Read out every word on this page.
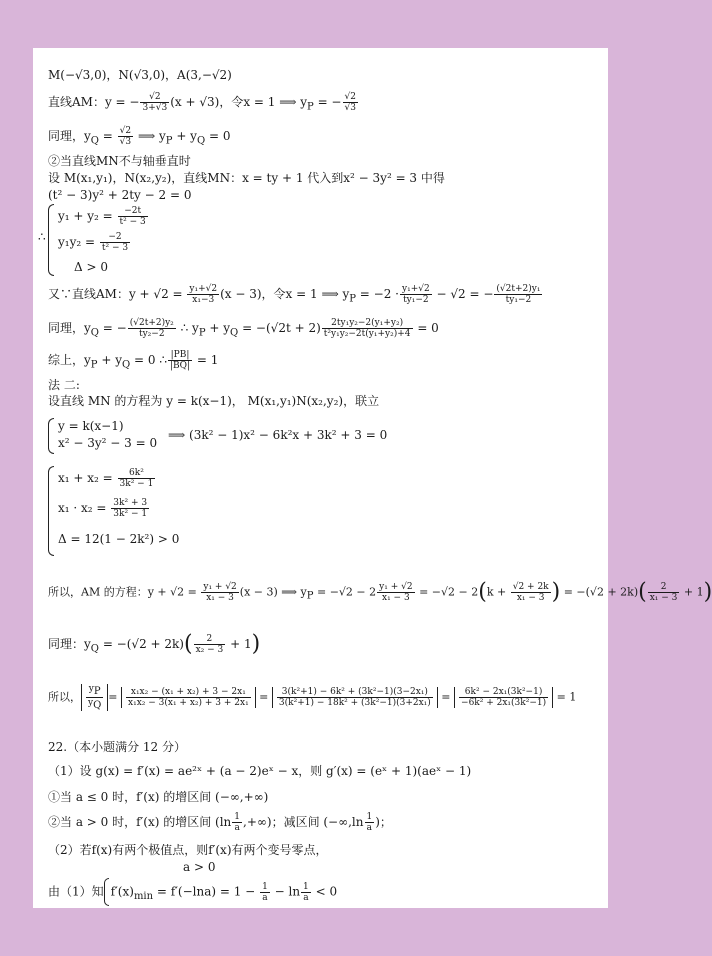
M(−√3,0)，N(√3,0)，A(3,−√2)
直线AM：y = − $\frac{√2}{3+√3} (x + √3)$，令x = 1 ⟹ $y_P$ = − $\frac{√2}{√3}$
同理，$y_Q = \frac{√2}{√3}$ ⟹ $y_P + y_Q = 0$
②当直线MN不与轴垂直时
设 M(x₁,y₁)，N(x₂,y₂)，直线MN：x = ty + 1 代入到x² − 3y² = 3 中得
(t² − 3)y² + 2ty − 2 = 0
$y_1 + y_2 = \frac{-2t}{\text{t² − 3}}$
$y_1y_2 = \frac{-2}{\text{t² − 3}}$
Δ > 0
∴
又∵直线AM：$y + √2 = \frac{\text{y₁+√2}}{\text{x₁−3}} (x - 3)$，令x = 1 ⟹ $y_P = -2 \cdot \frac{\text{y₁+√2}}{\text{ty₁−2}} - √2$ = − $\frac{\text{(√2t+2)y₁}}{\text{ty₁−2}}$
同理，$y_Q$ = − $\frac{\text{(√2t+2)y₂}}{\text{ty₂−2}}$ ∴ $y_P + y_Q = -(√2t + 2) \frac{\text{2ty₁y₂−2(y₁+y₂)}}{\text{t²y₁y₂−2t(y₁+y₂)+4}} = 0$
综上，$y_P + y_Q = 0$ ∴ $\frac{|PB|}{|BQ|} = 1$
法 二:
设直线 MN 的方程为 y = k(x−1)， M(x₁,y₁)N(x₂,y₂)，联立
y = k(x−1)
x² − 3y² − 3 = 0
⟹ (3k² − 1)x² − 6k²x + 3k² + 3 = 0
$x_1 + x_2 = \frac{\text{6k²}}{\text{3k² − 1}}$
$x_1 \cdot x_2 = \frac{\text{3k² + 3}}{\text{3k² − 1}}$
Δ = 12(1 − 2k²) > 0
所以，AM 的方程：$y + √2 = \frac{\text{y₁ + √2}}{\text{x₁ − 3}} (x - 3)$ ⟹ $y_P = -√2 - 2 \frac{\text{y₁ + √2}}{\text{x₁ − 3}} = -√2 - 2(k + \frac{√2 + 2k}{\text{x₁ − 3}}$ ) = $-(√2 + 2k)( \frac{2}{\text{x₁ − 3}} + 1)$
同理：$y_Q = -(√2 + 2k)( \frac{2}{\text{x₂ − 3}} + 1)$
所以， $\frac{y_P}{y_Q} = \frac{\text{x₁x₂ − (x₁ + x₂) + 3 − 2x₁}}{\text{x₁x₂ − 3(x₁ + x₂) + 3 + 2x₁}} = \frac{\text{3(k²+1) − 6k² + (3k²−1)(3−2x₁)}}{\text{3(k²+1) − 18k² + (3k²−1)(3+2x₁)}} = \frac{\text{6k² − 2x₁(3k²−1)}}{\text{−6k² + 2x₁(3k²−1)}} = 1$
22.（本小题满分 12 分）
（1）设 g(x) = f′(x) = ae²ˣ + (a − 2)eˣ − x，则 g′(x) = (eˣ + 1)(aeˣ − 1)
①当 a ≤ 0 时，f′(x) 的增区间 (−∞,+∞)
②当 a > 0 时，f′(x) 的增区间 ($\ln \frac{1}{a}$ ,+∞)；减区间 ($-\infty,\ln \frac{1}{a}$ )；
（2）若f(x)有两个极值点，则f′(x)有两个变号零点，
a > 0
由（1）知 $f'(x)_{min} = f'(-\ln a) = 1 - \frac{1}{a} - \ln \frac{1}{a} < 0$
